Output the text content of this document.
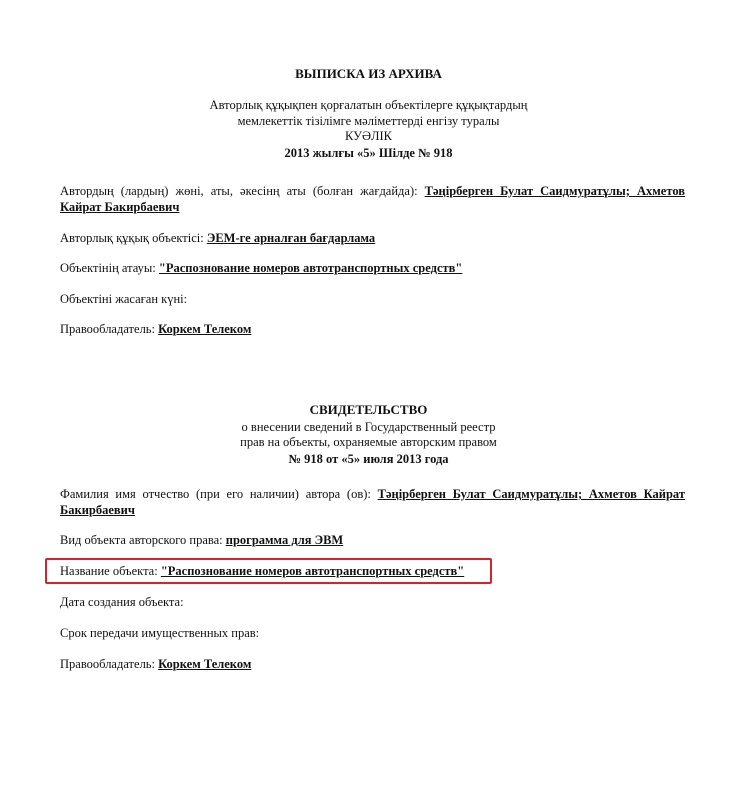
ВЫПИСКА ИЗ АРХИВА
Авторлық құқықпен қорғалатын объектілерге құқықтардың
мемлекеттік тізілімге мәліметтерді енгізу туралы
КУӘЛІК
2013 жылғы «5» Шілде № 918
Автордың (лардың) жөні, аты, әкесінң аты (болған жағдайда): Тәңірберген Булат Саидмуратұлы; Ахметов Кайрат Бакирбаевич
Авторлық құқық объектісі: ЭЕМ-ге арналған бағдарлама
Объектінің атауы: "Распознование номеров автотранспортных средств"
Объектіні жасаған күні:
Правообладатель: Коркем Телеком
СВИДЕТЕЛЬСТВО
о внесении сведений в Государственный реестр
прав на объекты, охраняемые авторским правом
№ 918 от «5» июля 2013 года
Фамилия имя отчество (при его наличии) автора (ов): Тәңірберген Булат Саидмуратұлы; Ахметов Кайрат Бакирбаевич
Вид объекта авторского права: программа для ЭВМ
Название объекта: "Распознование номеров автотранспортных средств"
Дата создания объекта:
Срок передачи имущественных прав:
Правообладатель: Коркем Телеком
